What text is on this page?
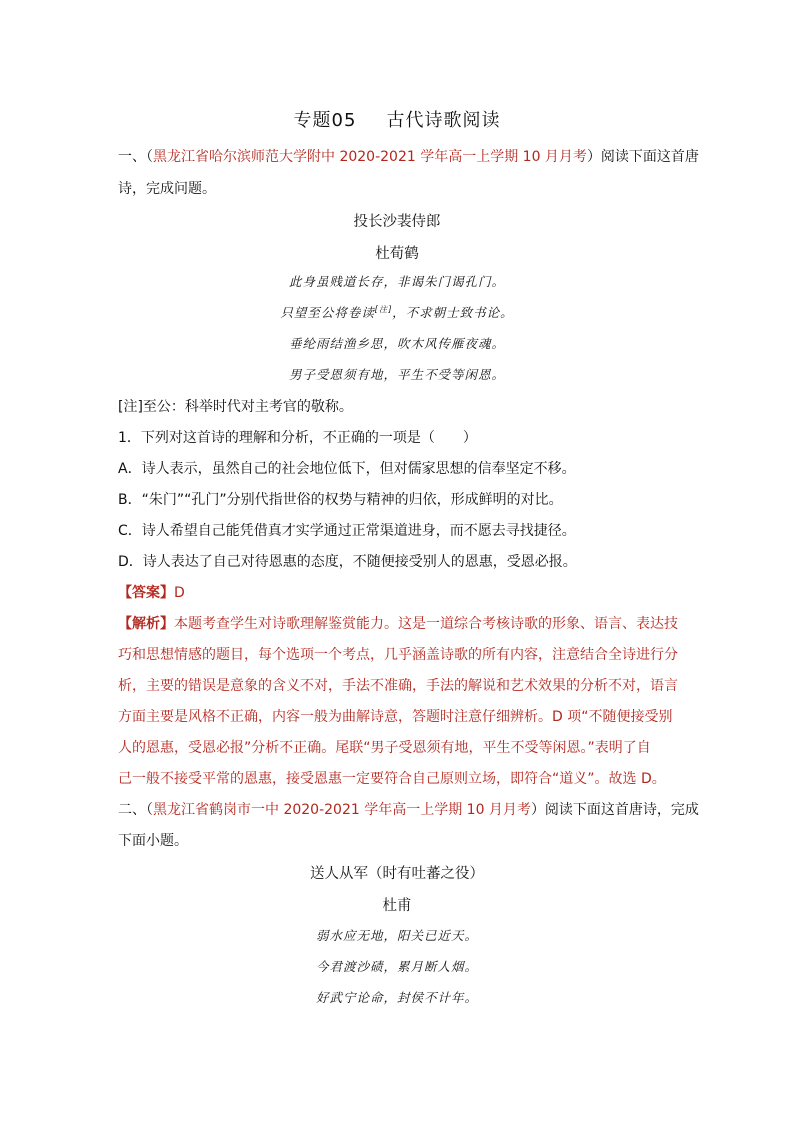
专题05 古代诗歌阅读
一、（黑龙江省哈尔滨师范大学附中 2020-2021 学年高一上学期 10 月月考）阅读下面这首唐
诗，完成问题。
投长沙裴侍郎
杜荀鹤
此身虽贱道长存，非谒朱门谒孔门。
只望至公将卷读[注]，不求朝士致书论。
垂纶雨结渔乡思，吹木风传雁夜魂。
男子受恩须有地，平生不受等闲恩。
[注]至公：科举时代对主考官的敬称。
1．下列对这首诗的理解和分析，不正确的一项是（　　）
A．诗人表示，虽然自己的社会地位低下，但对儒家思想的信奉坚定不移。
B．“朱门”“孔门”分别代指世俗的权势与精神的归依，形成鲜明的对比。
C．诗人希望自己能凭借真才实学通过正常渠道进身，而不愿去寻找捷径。
D．诗人表达了自己对待恩惠的态度，不随便接受别人的恩惠，受恩必报。
【答案】D
【解析】本题考查学生对诗歌理解鉴赏能力。这是一道综合考核诗歌的形象、语言、表达技
巧和思想情感的题目，每个选项一个考点，几乎涵盖诗歌的所有内容，注意结合全诗进行分
析，主要的错误是意象的含义不对，手法不准确，手法的解说和艺术效果的分析不对，语言
方面主要是风格不正确，内容一般为曲解诗意，答题时注意仔细辨析。D 项“不随便接受别
人的恩惠，受恩必报”分析不正确。尾联“男子受恩须有地，平生不受等闲恩。”表明了自
己一般不接受平常的恩惠，接受恩惠一定要符合自己原则立场，即符合“道义”。故选 D。
二、（黑龙江省鹤岗市一中 2020-2021 学年高一上学期 10 月月考）阅读下面这首唐诗，完成
下面小题。
送人从军（时有吐蕃之役）
杜甫
弱水应无地，阳关已近天。
今君渡沙碛，累月断人烟。
好武宁论命，封侯不计年。
